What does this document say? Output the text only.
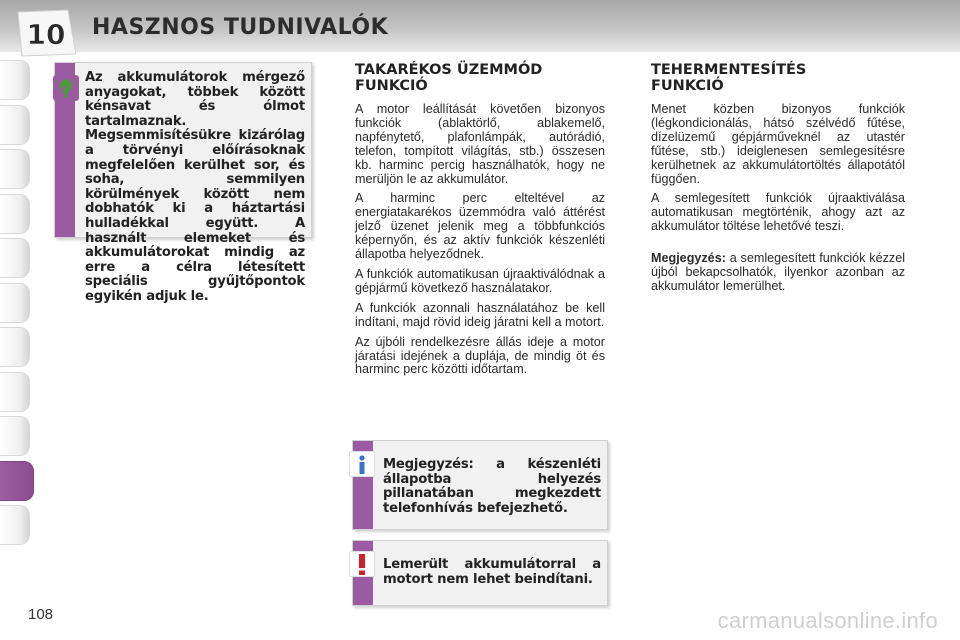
10 HASZNOS TUDNIVALÓK
Az akkumulátorok mérgező anyagokat, többek között kénsavat és ólmot tartalmaznak. Megsemmisítésükre kizárólag a törvényi előírásoknak megfelelően kerülhet sor, és soha, semmilyen körülmények között nem dobhatók ki a háztartási hulladékkal együtt. A használt elemeket és akkumulátorokat mindig az erre a célra létesített speciális gyűjtőpontok egyikén adjuk le.
TAKARÉKOS ÜZEMMÓD FUNKCIÓ

A motor leállítását követően bizonyos funkciók (ablaktörlő, ablakemelő, napfénytető, plafonlámpák, autórádió, telefon, tompított világítás, stb.) összesen kb. harminc percig használhatók, hogy ne merüljön le az akkumulátor.

A harminc perc elteltével az energiatakarékos üzemmódra való áttérést jelző üzenet jelenik meg a többfunkciós képernyőn, és az aktív funkciók készenléti állapotba helyeződnek.

A funkciók automatikusan újraaktiválódnak a gépjármű következő használatakor.

A funkciók azonnali használatához be kell indítani, majd rövid ideig járatni kell a motort.

Az újbóli rendelkezésre állás ideje a motor járatási idejének a duplája, de mindig öt és harminc perc közötti időtartam.

Megjegyzés: a készenléti állapotba helyezés pillanatában megkezdett telefonhívás befejezhető.
Lemerült akkumulátorral a motort nem lehet beindítani.
TEHERMENTESÍTÉS FUNKCIÓ

Menet közben bizonyos funkciók (légkondicionálás, hátsó szélvédő fűtése, dízelüzemű gépjárműveknél az utastér fűtése, stb.) ideiglenesen semlegesítésre kerülhetnek az akkumulátortöltés állapotától függően.

A semlegesített funkciók újraaktiválása automatikusan megtörténik, ahogy azt az akkumulátor töltése lehetővé teszi.

Megjegyzés: a semlegesített funkciók kézzel újból bekapcsolhatók, ilyenkor azonban az akkumulátor lemerülhet.

108	carmanualsonline.info
